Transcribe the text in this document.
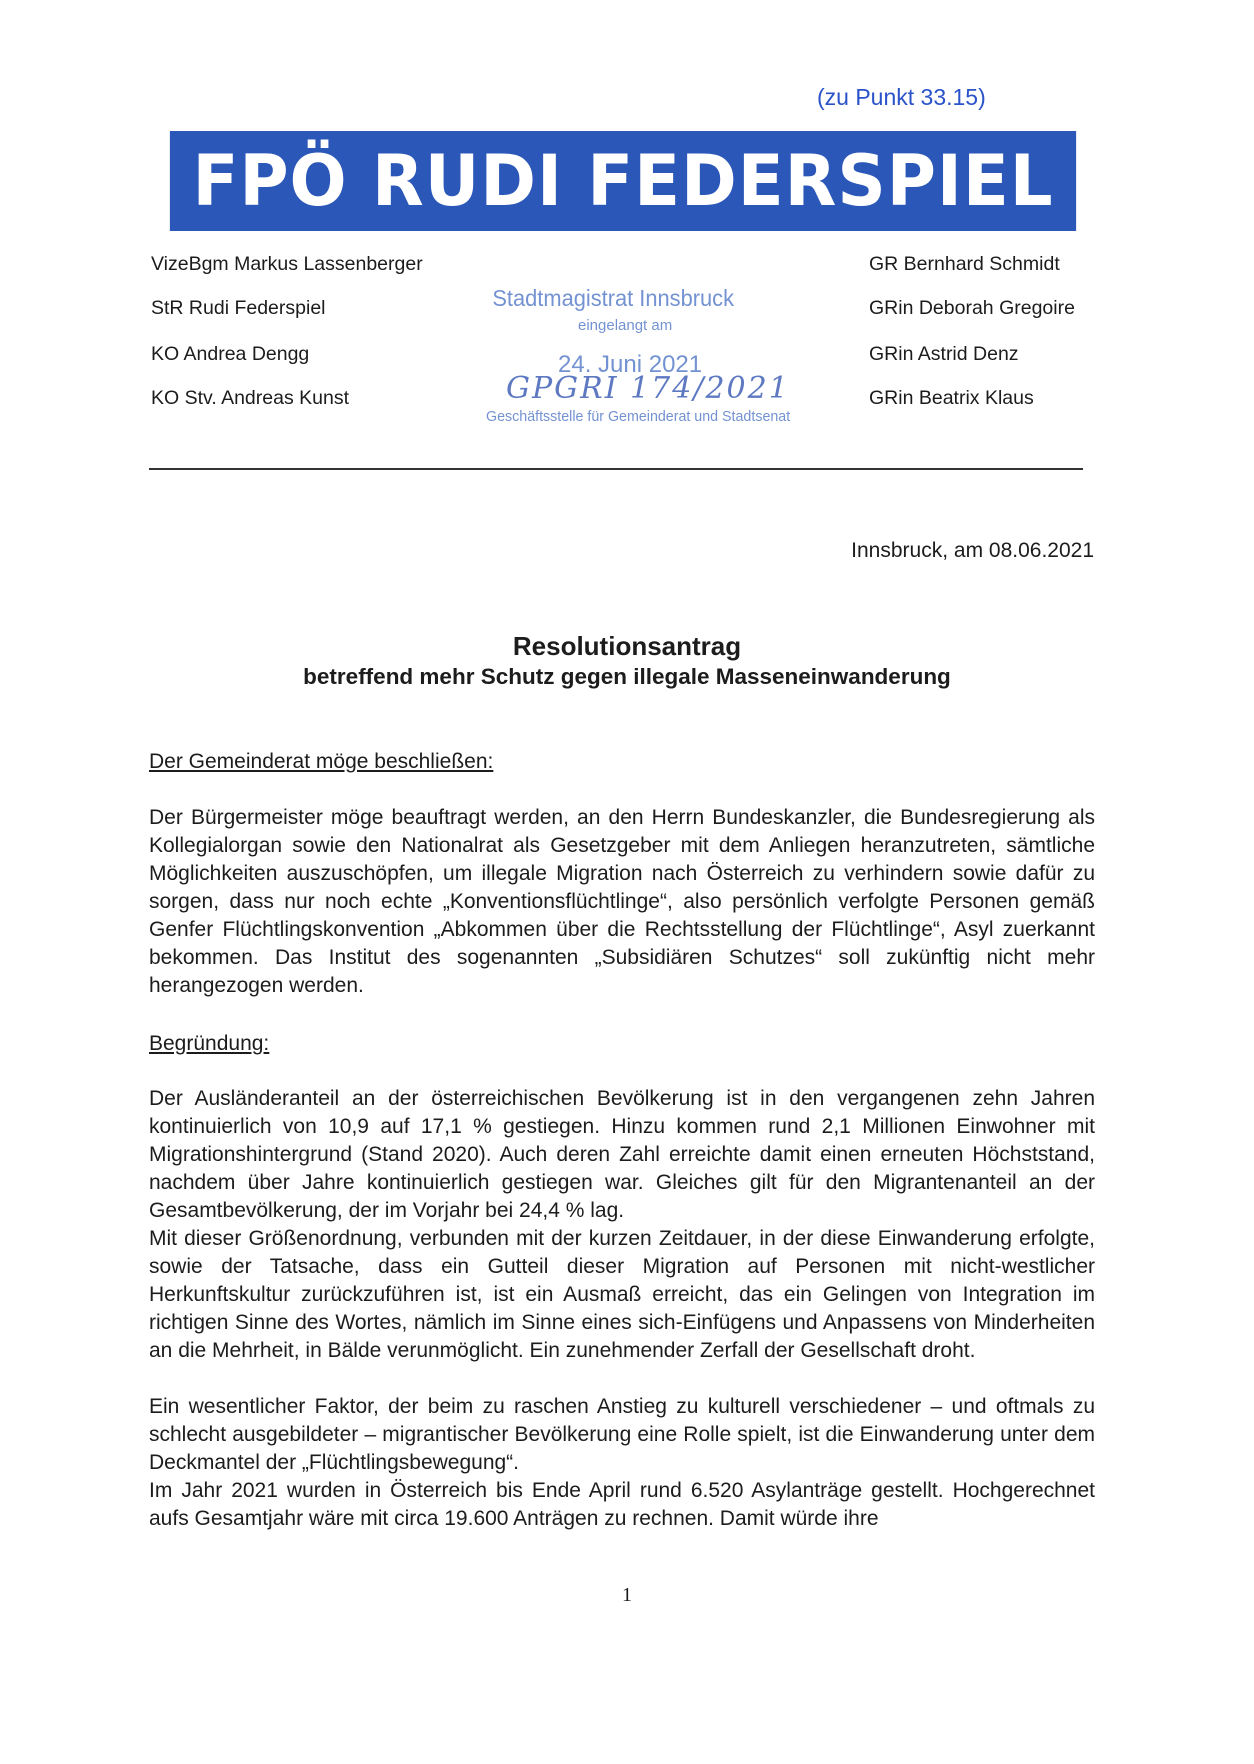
(zu Punkt 33.15)
FPÖ RUDI FEDERSPIEL
VizeBgm Markus Lassenberger
StR Rudi Federspiel
KO Andrea Dengg
KO Stv. Andreas Kunst
GR Bernhard Schmidt
GRin Deborah Gregoire
GRin Astrid Denz
GRin Beatrix Klaus
Stadtmagistrat Innsbruck
eingelangt am
24. Juni 2021
GPGRI 174/2021
Geschäftsstelle für Gemeinderat und Stadtsenat
Innsbruck, am 08.06.2021
Resolutionsantrag
betreffend mehr Schutz gegen illegale Masseneinwanderung
Der Gemeinderat möge beschließen:

Der Bürgermeister möge beauftragt werden, an den Herrn Bundeskanzler, die Bundesregierung als Kollegialorgan sowie den Nationalrat als Gesetzgeber mit dem Anliegen heranzutreten, sämtliche Möglichkeiten auszuschöpfen, um illegale Migration nach Österreich zu verhindern sowie dafür zu sorgen, dass nur noch echte „Konventionsflüchtlinge“, also persönlich verfolgte Personen gemäß Genfer Flüchtlingskonvention „Abkommen über die Rechtsstellung der Flüchtlinge“, Asyl zuerkannt bekommen. Das Institut des sogenannten „Subsidiären Schutzes“ soll zukünftig nicht mehr herangezogen werden.

Begründung:

Der Ausländeranteil an der österreichischen Bevölkerung ist in den vergangenen zehn Jahren kontinuierlich von 10,9 auf 17,1 % gestiegen. Hinzu kommen rund 2,1 Millionen Einwohner mit Migrationshintergrund (Stand 2020). Auch deren Zahl erreichte damit einen erneuten Höchststand, nachdem über Jahre kontinuierlich gestiegen war. Gleiches gilt für den Migrantenanteil an der Gesamtbevölkerung, der im Vorjahr bei 24,4 % lag.

Mit dieser Größenordnung, verbunden mit der kurzen Zeitdauer, in der diese Einwanderung erfolgte, sowie der Tatsache, dass ein Gutteil dieser Migration auf Personen mit nicht-westlicher Herkunftskultur zurückzuführen ist, ist ein Ausmaß erreicht, das ein Gelingen von Integration im richtigen Sinne des Wortes, nämlich im Sinne eines sich-Einfügens und Anpassens von Minderheiten an die Mehrheit, in Bälde verunmöglicht. Ein zunehmender Zerfall der Gesellschaft droht.

Ein wesentlicher Faktor, der beim zu raschen Anstieg zu kulturell verschiedener – und oftmals zu schlecht ausgebildeter – migrantischer Bevölkerung eine Rolle spielt, ist die Einwanderung unter dem Deckmantel der „Flüchtlingsbewegung“.

Im Jahr 2021 wurden in Österreich bis Ende April rund 6.520 Asylanträge gestellt. Hochgerechnet aufs Gesamtjahr wäre mit circa 19.600 Anträgen zu rechnen. Damit würde ihre

1
